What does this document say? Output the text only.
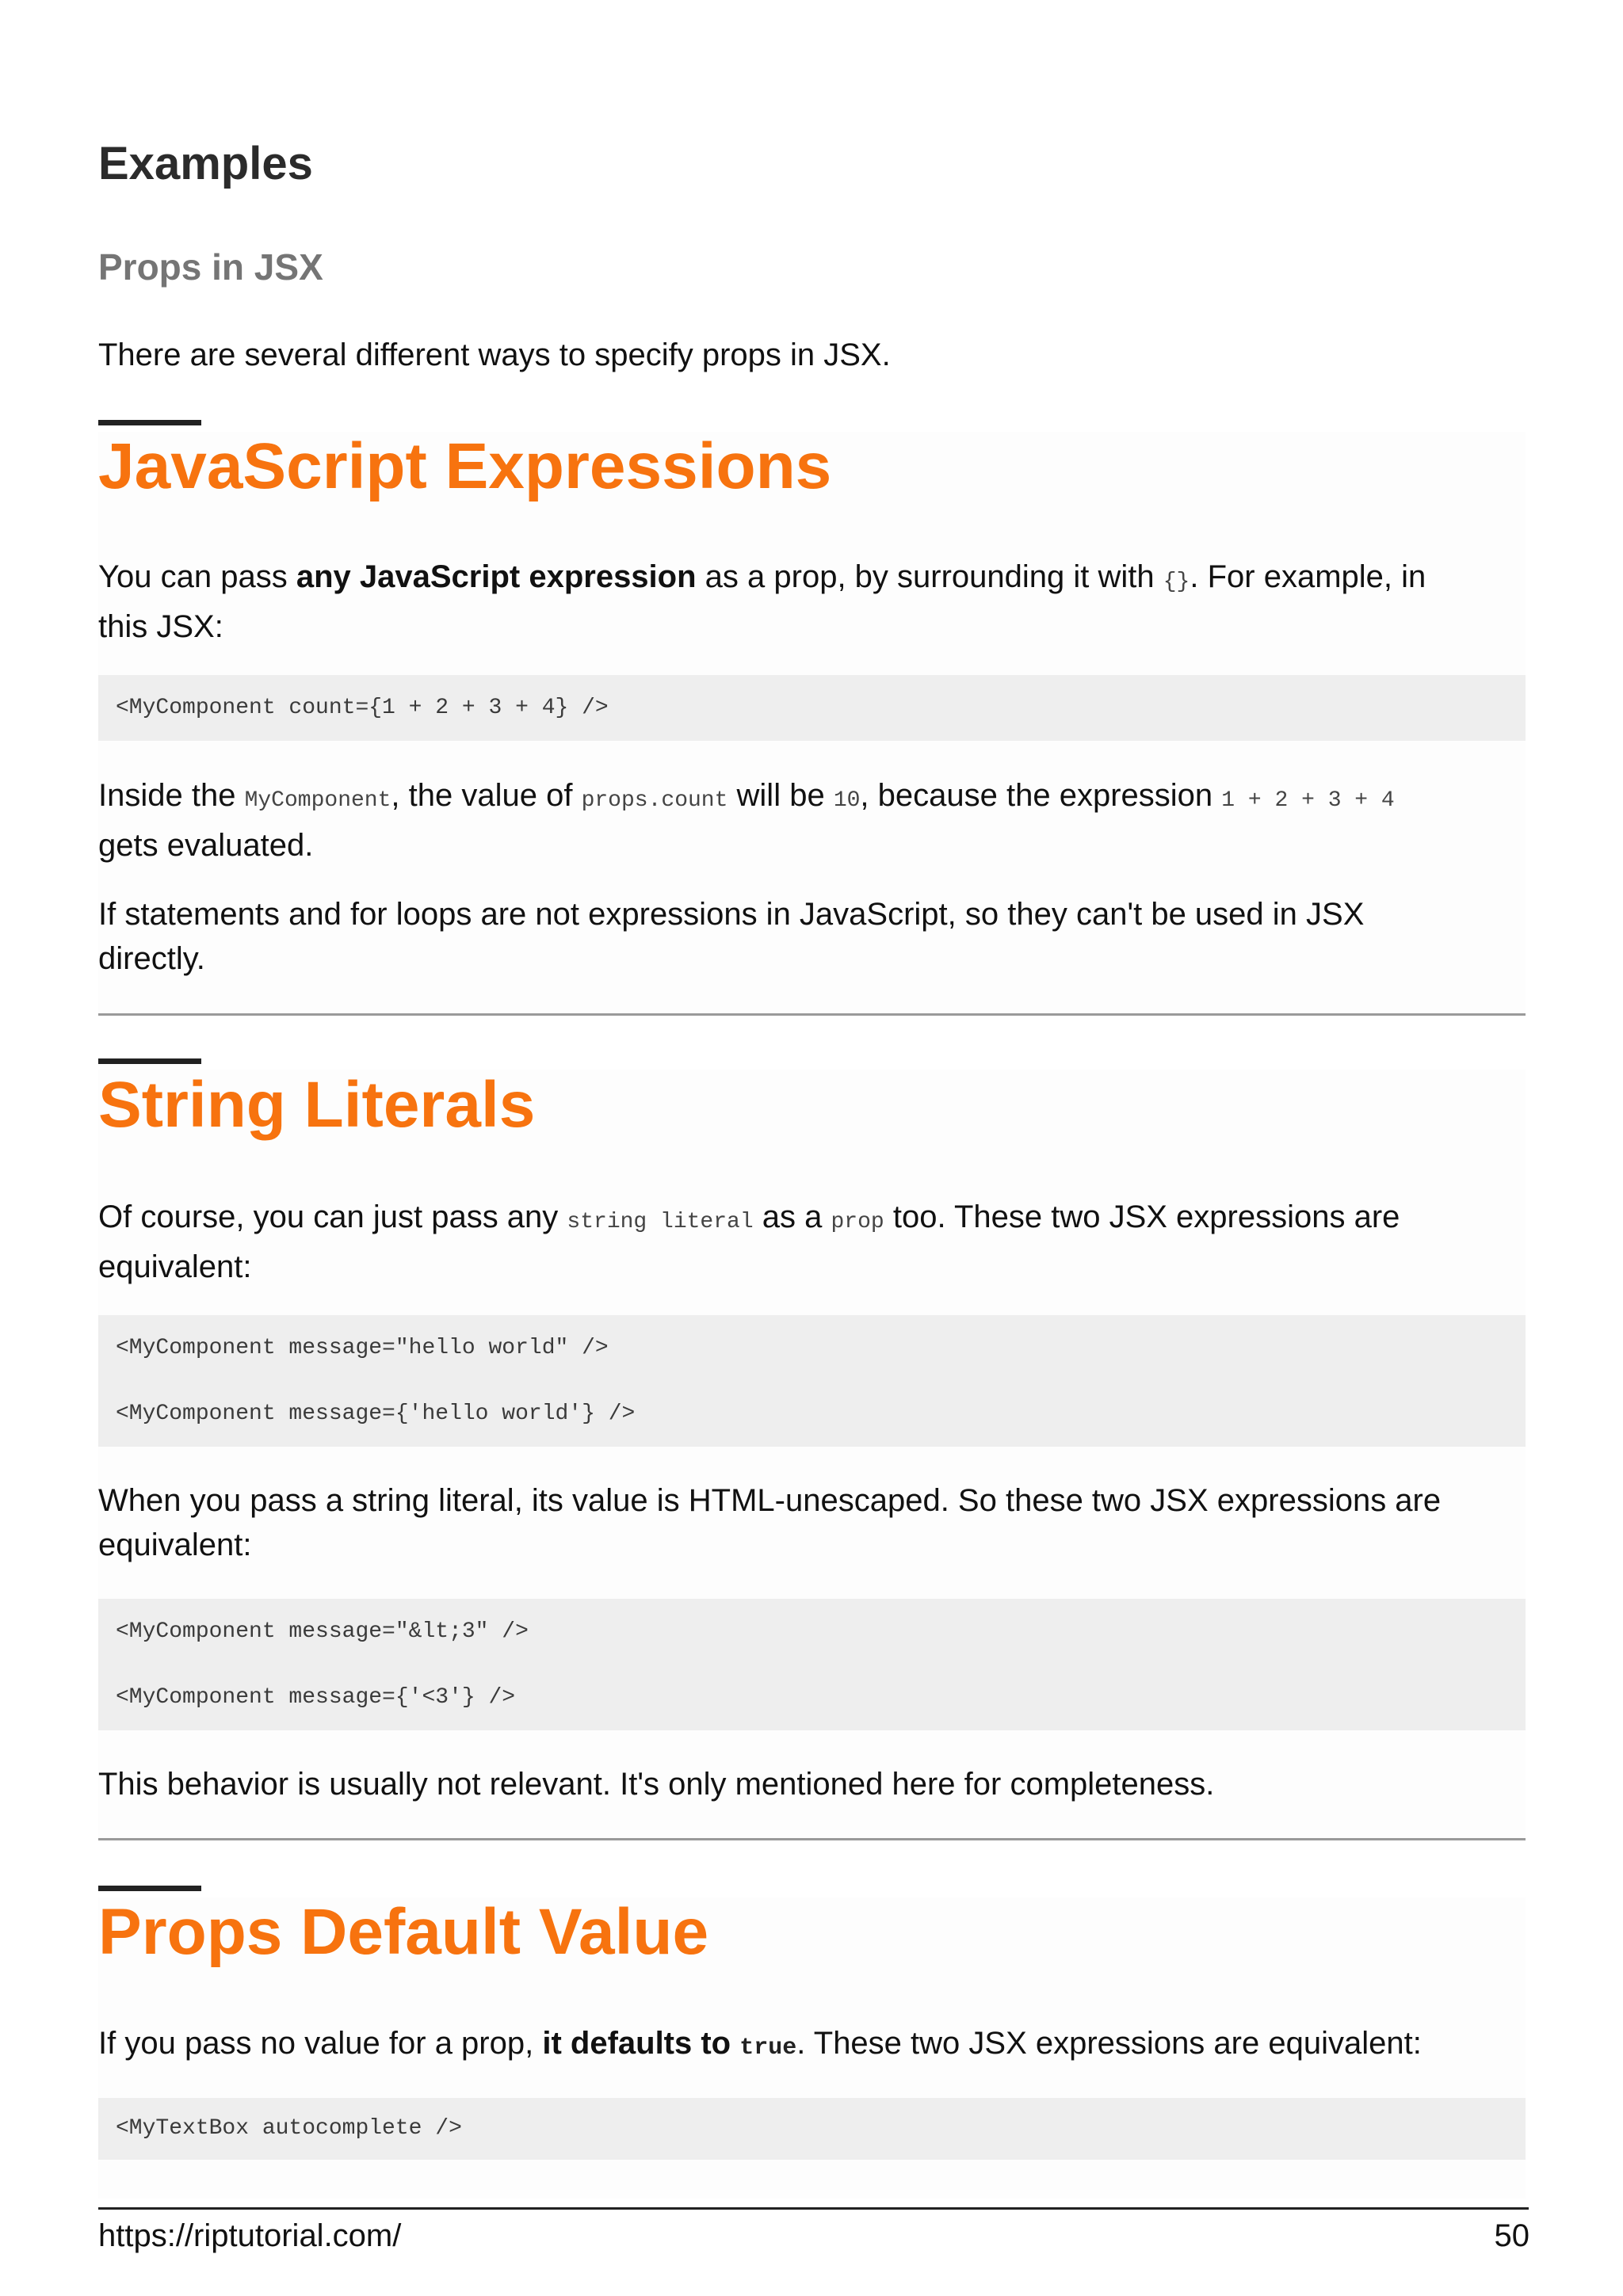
Examples
Props in JSX

There are several different ways to specify props in JSX.

JavaScript Expressions

You can pass any JavaScript expression as a prop, by surrounding it with {}. For example, in
this JSX:

<MyComponent count={1 + 2 + 3 + 4} />

Inside the MyComponent, the value of props.count will be 10, because the expression 1 + 2 + 3 + 4
gets evaluated.

If statements and for loops are not expressions in JavaScript, so they can't be used in JSX
directly.

String Literals

Of course, you can just pass any string literal as a prop too. These two JSX expressions are
equivalent:

<MyComponent message="hello world" />
<MyComponent message={'hello world'} />

When you pass a string literal, its value is HTML-unescaped. So these two JSX expressions are
equivalent:

<MyComponent message="&lt;3" />
<MyComponent message={'<3'} />

This behavior is usually not relevant. It's only mentioned here for completeness.

Props Default Value

If you pass no value for a prop, it defaults to true. These two JSX expressions are equivalent:

<MyTextBox autocomplete />
https://riptutorial.com/	50
